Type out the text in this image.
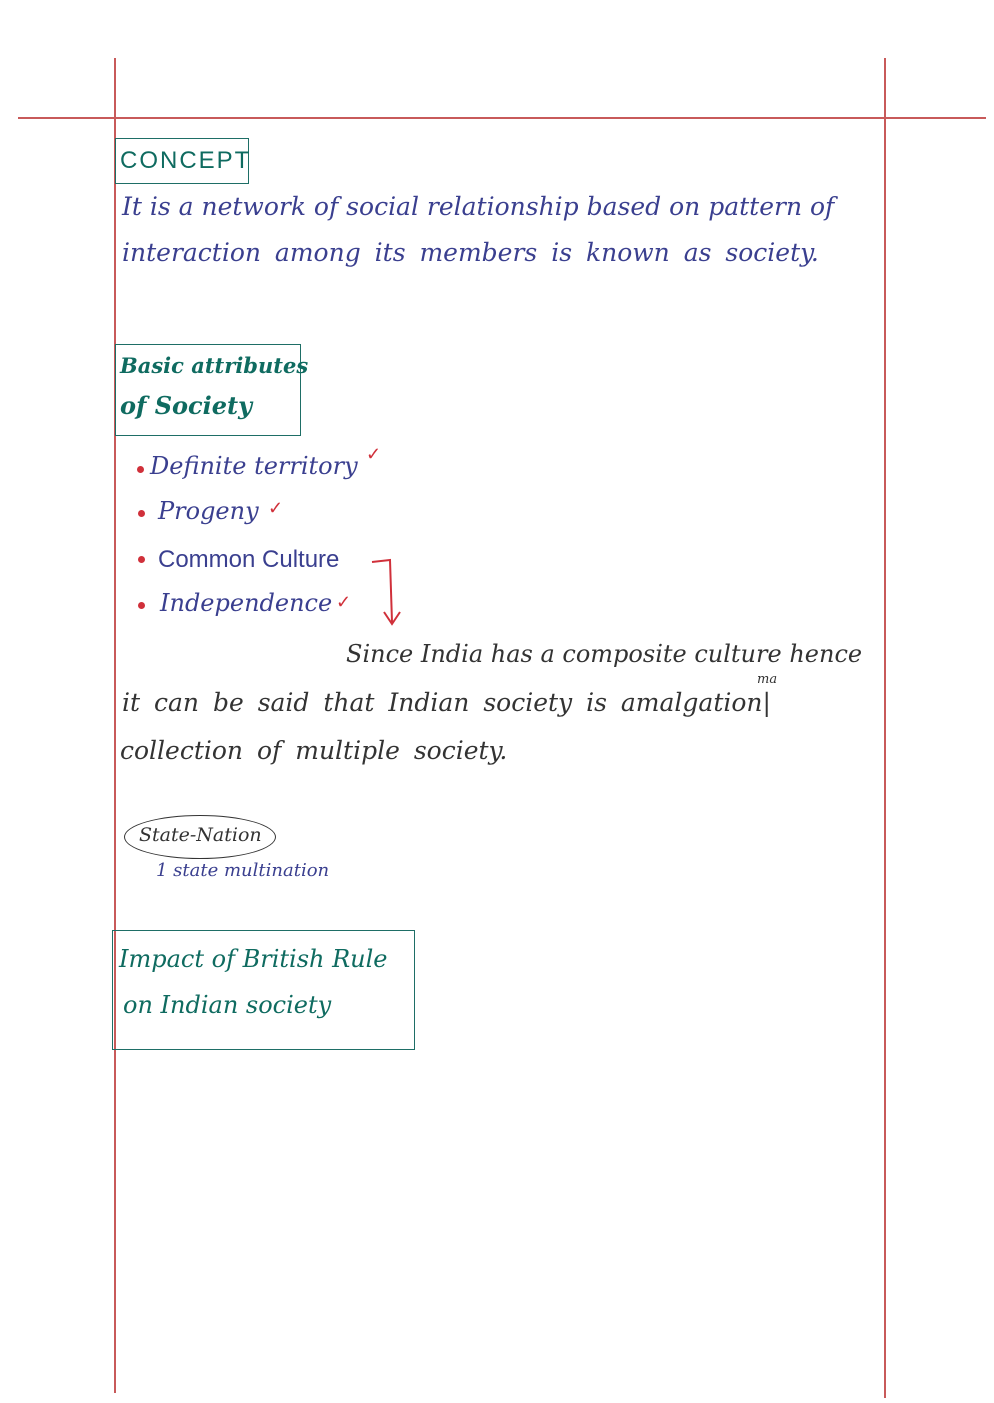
CONCEPT
It is a network of social relationship based on pattern of
interaction among its members is known as society.
Basic attributes
of Society
Definite territory ✓
Progeny ✓
Common Culture
Independence ✓
Since India has a composite culture hence
ma
it can be said that Indian society is amalgation|
collection of multiple society.
State-Nation
1 state multination
Impact of British Rule
on Indian society
